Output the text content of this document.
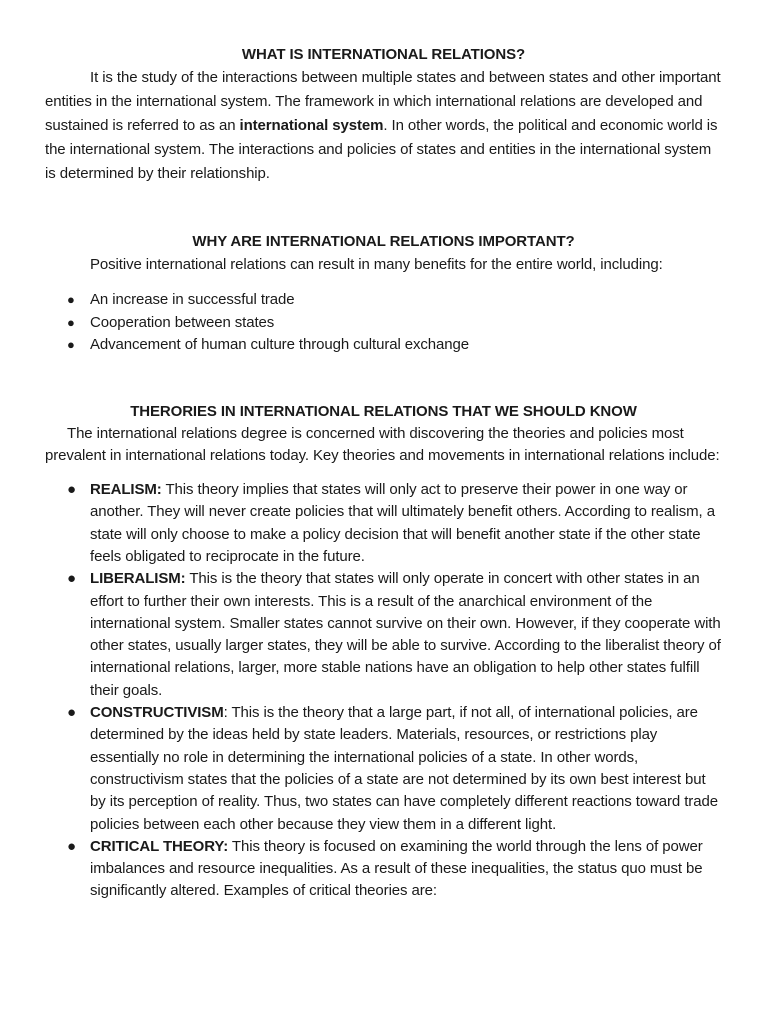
WHAT IS INTERNATIONAL RELATIONS?

It is the study of the interactions between multiple states and between states and other important entities in the international system. The framework in which international relations are developed and sustained is referred to as an international system. In other words, the political and economic world is the international system. The interactions and policies of states and entities in the international system is determined by their relationship.

WHY ARE INTERNATIONAL RELATIONS IMPORTANT?

Positive international relations can result in many benefits for the entire world, including:

● An increase in successful trade
● Cooperation between states
● Advancement of human culture through cultural exchange
THERORIES IN INTERNATIONAL RELATIONS THAT WE SHOULD KNOW

The international relations degree is concerned with discovering the theories and policies most prevalent in international relations today. Key theories and movements in international relations include:

● REALISM: This theory implies that states will only act to preserve their power in one way or another. They will never create policies that will ultimately benefit others. According to realism, a state will only choose to make a policy decision that will benefit another state if the other state feels obligated to reciprocate in the future.
● LIBERALISM: This is the theory that states will only operate in concert with other states in an effort to further their own interests. This is a result of the anarchical environment of the international system. Smaller states cannot survive on their own. However, if they cooperate with other states, usually larger states, they will be able to survive. According to the liberalist theory of international relations, larger, more stable nations have an obligation to help other states fulfill their goals.
● CONSTRUCTIVISM: This is the theory that a large part, if not all, of international policies, are determined by the ideas held by state leaders. Materials, resources, or restrictions play essentially no role in determining the international policies of a state. In other words, constructivism states that the policies of a state are not determined by its own best interest but by its perception of reality. Thus, two states can have completely different reactions toward trade policies between each other because they view them in a different light.
● CRITICAL THEORY: This theory is focused on examining the world through the lens of power imbalances and resource inequalities. As a result of these inequalities, the status quo must be significantly altered. Examples of critical theories are:
